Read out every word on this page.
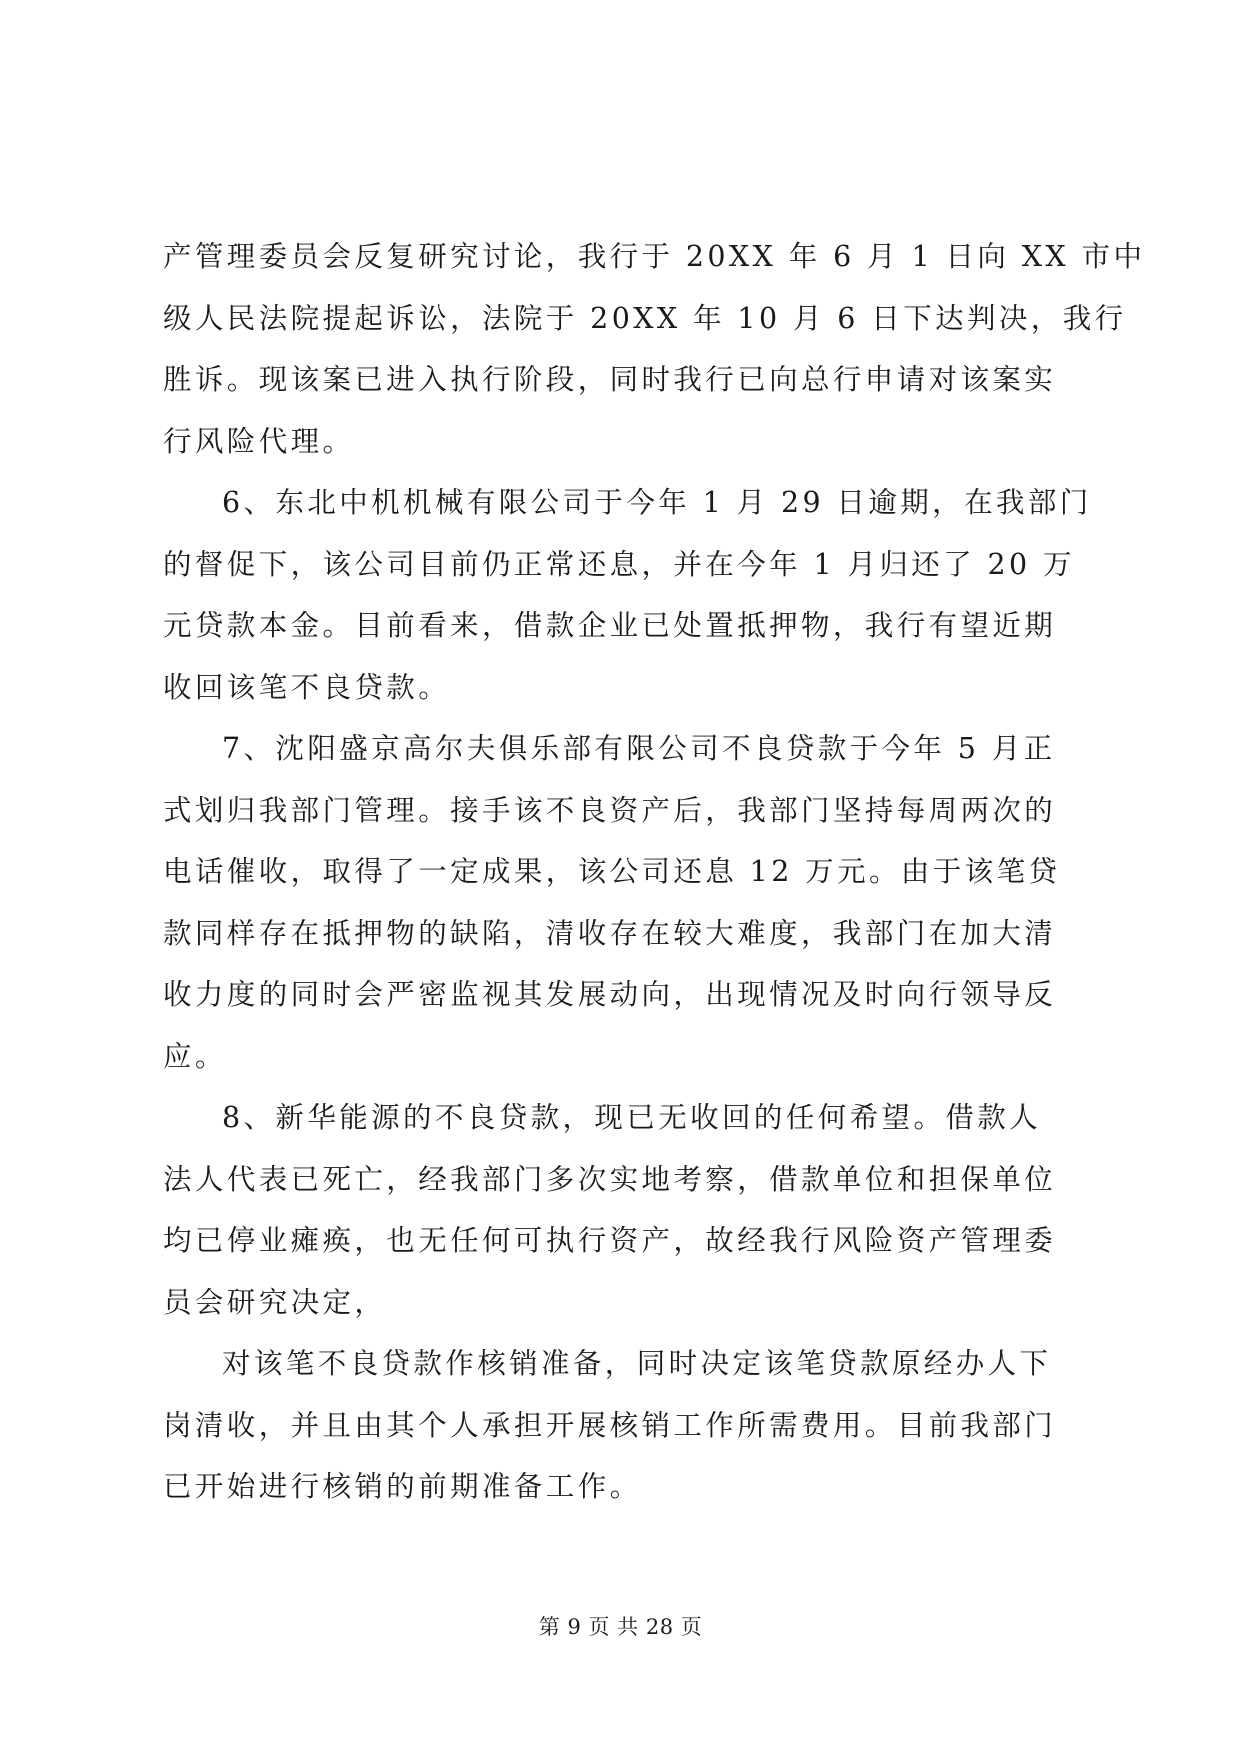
产管理委员会反复研究讨论，我行于 20XX 年 6 月 1 日向 XX 市中
级人民法院提起诉讼，法院于 20XX 年 10 月 6 日下达判决，我行
胜诉。现该案已进入执行阶段，同时我行已向总行申请对该案实
行风险代理。

6、东北中机机械有限公司于今年 1 月 29 日逾期，在我部门
的督促下，该公司目前仍正常还息，并在今年 1 月归还了 20 万
元贷款本金。目前看来，借款企业已处置抵押物，我行有望近期
收回该笔不良贷款。

7、沈阳盛京高尔夫俱乐部有限公司不良贷款于今年 5 月正
式划归我部门管理。接手该不良资产后，我部门坚持每周两次的
电话催收，取得了一定成果，该公司还息 12 万元。由于该笔贷
款同样存在抵押物的缺陷，清收存在较大难度，我部门在加大清
收力度的同时会严密监视其发展动向，出现情况及时向行领导反
应。

8、新华能源的不良贷款，现已无收回的任何希望。借款人
法人代表已死亡，经我部门多次实地考察，借款单位和担保单位
均已停业瘫痪，也无任何可执行资产，故经我行风险资产管理委
员会研究决定，

对该笔不良贷款作核销准备，同时决定该笔贷款原经办人下
岗清收，并且由其个人承担开展核销工作所需费用。目前我部门
已开始进行核销的前期准备工作。

第 9 页 共 28 页
